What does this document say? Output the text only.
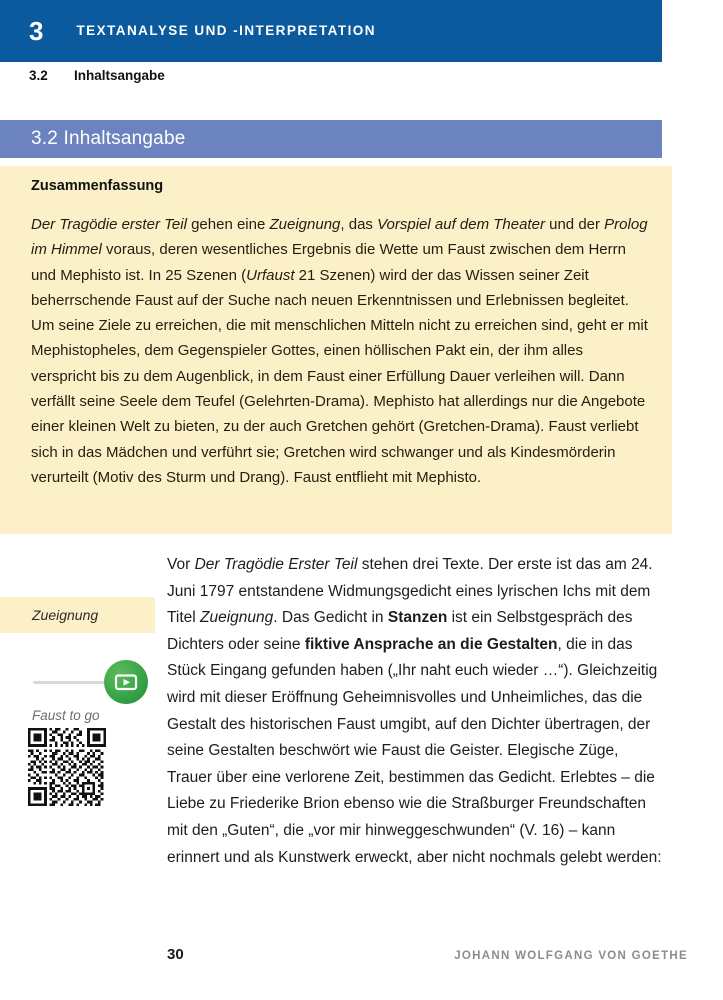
3 TEXTANALYSE UND -INTERPRETATION
3.2	Inhaltsangabe
3.2 Inhaltsangabe
Zusammenfassung
Der Tragödie erster Teil gehen eine Zueignung, das Vorspiel auf dem Theater und der Prolog im Himmel voraus, deren wesentliches Ergebnis die Wette um Faust zwischen dem Herrn und Mephisto ist. In 25 Szenen (Urfaust 21 Szenen) wird der das Wissen seiner Zeit beherrschende Faust auf der Suche nach neuen Erkenntnissen und Erlebnissen begleitet. Um seine Ziele zu erreichen, die mit menschlichen Mitteln nicht zu erreichen sind, geht er mit Mephistopheles, dem Gegenspieler Gottes, einen höllischen Pakt ein, der ihm alles verspricht bis zu dem Augenblick, in dem Faust einer Erfüllung Dauer verleihen will. Dann verfällt seine Seele dem Teufel (Gelehrten-Drama). Mephisto hat allerdings nur die Angebote einer kleinen Welt zu bieten, zu der auch Gretchen gehört (Gretchen-Drama). Faust verliebt sich in das Mädchen und verführt sie; Gretchen wird schwanger und als Kindesmörderin verurteilt (Motiv des Sturm und Drang). Faust entflieht mit Mephisto.
Zueignung
Faust to go
Vor Der Tragödie Erster Teil stehen drei Texte. Der erste ist das am 24. Juni 1797 entstandene Widmungsgedicht eines lyrischen Ichs mit dem Titel Zueignung. Das Gedicht in Stanzen ist ein Selbstgespräch des Dichters oder seine fiktive Ansprache an die Gestalten, die in das Stück Eingang gefunden haben („Ihr naht euch wieder …“). Gleichzeitig wird mit dieser Eröffnung Geheimnisvolles und Unheimliches, das die Gestalt des historischen Faust umgibt, auf den Dichter übertragen, der seine Gestalten beschwört wie Faust die Geister. Elegische Züge, Trauer über eine verlorene Zeit, bestimmen das Gedicht. Erlebtes – die Liebe zu Friederike Brion ebenso wie die Straßburger Freundschaften mit den „Guten“, die „vor mir hinweggeschwunden“ (V. 16) – kann erinnert und als Kunstwerk erweckt, aber nicht nochmals gelebt werden:
30	JOHANN WOLFGANG VON GOETHE
